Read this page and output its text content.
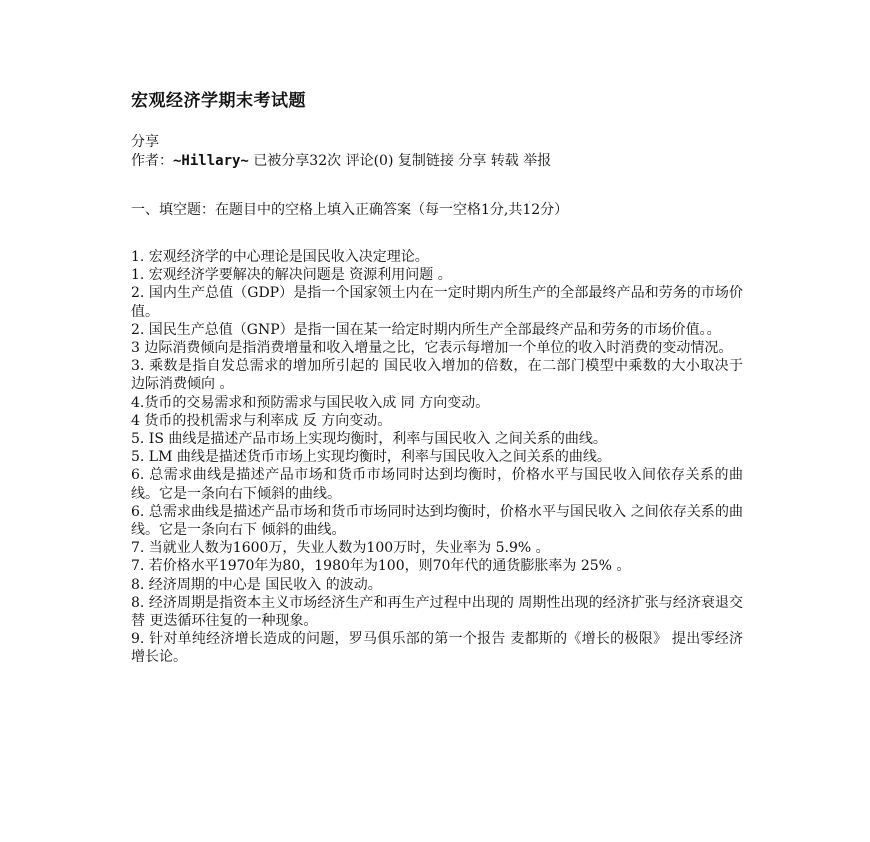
宏观经济学期末考试题
分享
作者：~Hillary~ 已被分享32次 评论(0) 复制链接 分享 转载 举报
一、填空题：在题目中的空格上填入正确答案（每一空格1分,共12分）
1. 宏观经济学的中心理论是国民收入决定理论。
1. 宏观经济学要解决的解决问题是 资源利用问题 。
2. 国内生产总值（GDP）是指一个国家领土内在一定时期内所生产的全部最终产品和劳务的市场价值。
2. 国民生产总值（GNP）是指一国在某一给定时期内所生产全部最终产品和劳务的市场价值。。
3 边际消费倾向是指消费增量和收入增量之比，它表示每增加一个单位的收入时消费的变动情况。
3. 乘数是指自发总需求的增加所引起的 国民收入增加的倍数，在二部门模型中乘数的大小取决于 边际消费倾向 。
4.货币的交易需求和预防需求与国民收入成 同 方向变动。
4 货币的投机需求与利率成 反 方向变动。
5. IS 曲线是描述产品市场上实现均衡时，利率与国民收入 之间关系的曲线。
5. LM 曲线是描述货币市场上实现均衡时，利率与国民收入之间关系的曲线。
6. 总需求曲线是描述产品市场和货币市场同时达到均衡时，价格水平与国民收入间依存关系的曲线。它是一条向右下倾斜的曲线。
6. 总需求曲线是描述产品市场和货币市场同时达到均衡时，价格水平与国民收入 之间依存关系的曲线。它是一条向右下 倾斜的曲线。
7. 当就业人数为1600万，失业人数为100万时，失业率为 5.9% 。
7. 若价格水平1970年为80，1980年为100，则70年代的通货膨胀率为 25% 。
8. 经济周期的中心是 国民收入 的波动。
8. 经济周期是指资本主义市场经济生产和再生产过程中出现的 周期性出现的经济扩张与经济衰退交替 更迭循环往复的一种现象。
9. 针对单纯经济增长造成的问题，罗马俱乐部的第一个报告 麦都斯的《增长的极限》 提出零经济增长论。
